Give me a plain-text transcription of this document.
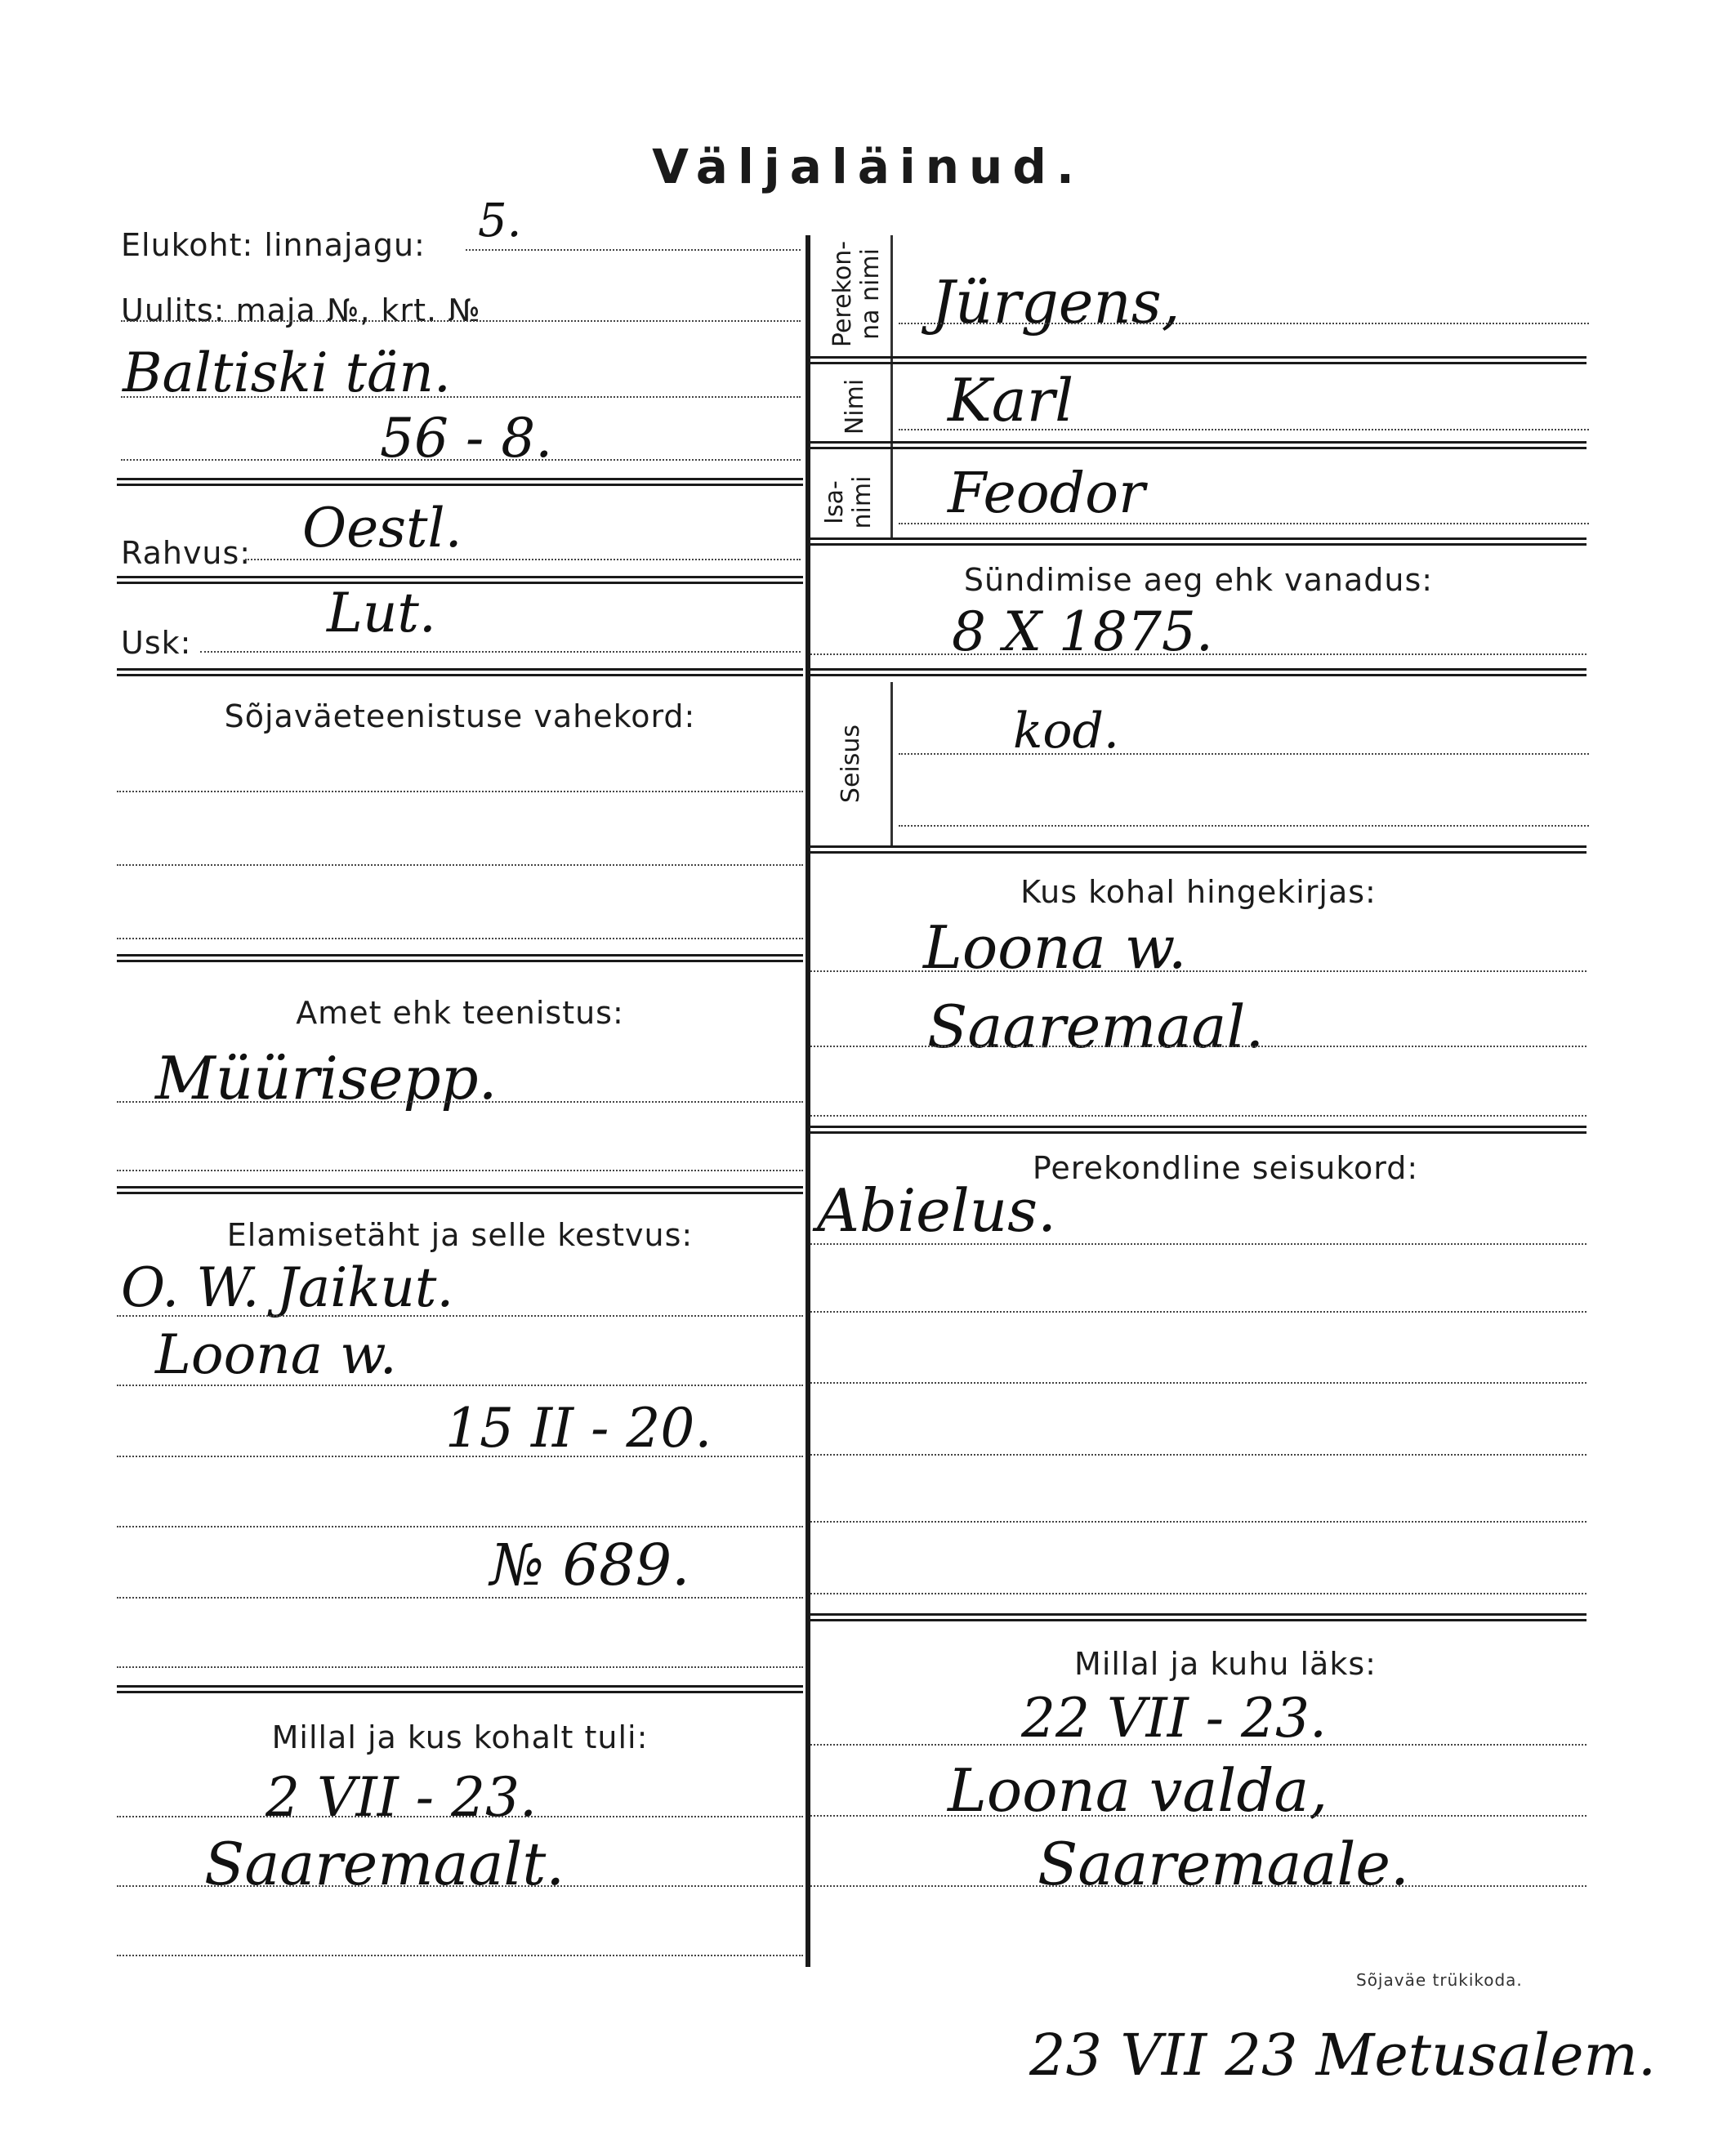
Väljaläinud.
Elukoht: linnajagu: 5.
Uulits: maja №, krt. №
Baltiski tän.
56 - 8.
Rahvus: Oestl.
Usk:	Lut.
Sõjaväeteenistuse vahekord:
Amet ehk teenistus:
Müürisepp.
Elamisetäht ja selle kestvus:
O. W. Jaikut.
Loona w.
15 II - 20.
№ 689.
Millal ja kus kohalt tuli:
2 VII - 23.
Saaremaalt.
Perekon-
na nimi Jürgens,
Nimi Karl
Isa-
nimi Feodor
Sündimise aeg ehk vanadus:
8 X 1875.
Seisus	kod.
Kus kohal hingekirjas:
Loona w.
Saaremaal.
Perekondline seisukord:
Abielus.
Millal ja kuhu läks:
22 VII - 23.
Loona valda,
Saaremaale.
Sõjaväe trükikoda.
23 VII 23 Metusalem.
